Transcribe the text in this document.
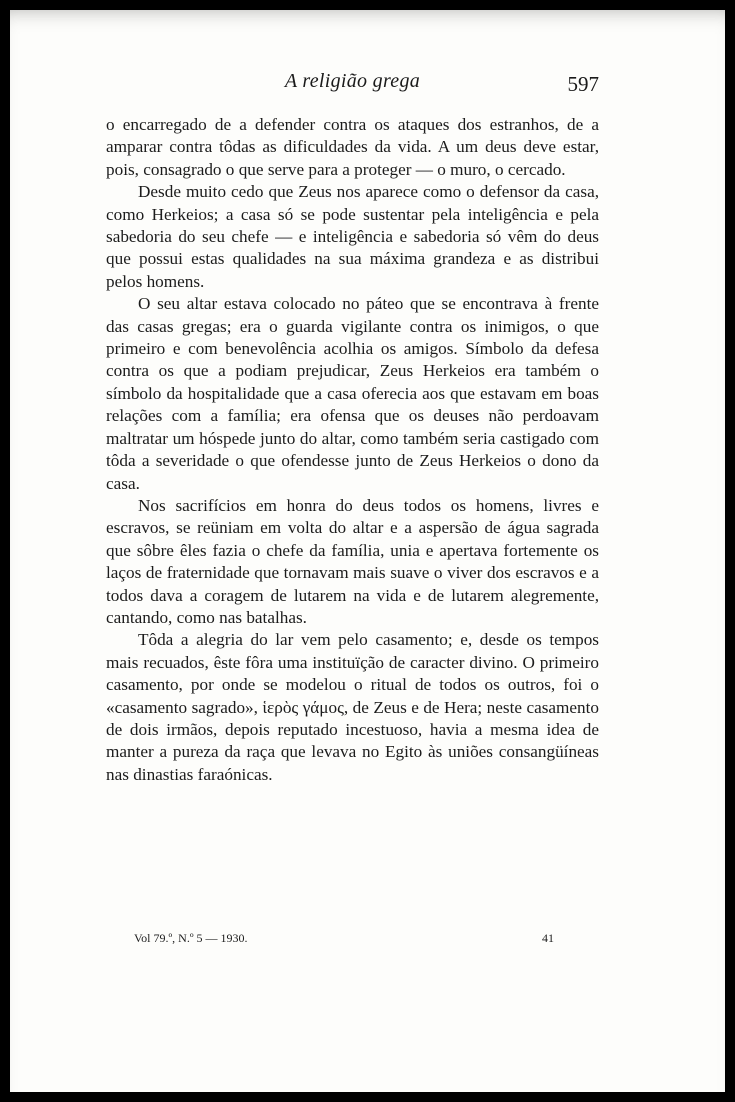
A religião grega	597

o encarregado de a defender contra os ataques dos estranhos, de a amparar contra tôdas as dificuldades da vida. A um deus deve estar, pois, consagrado o que serve para a proteger — o muro, o cercado.

Desde muito cedo que Zeus nos aparece como o defensor da casa, como Herkeios; a casa só se pode sustentar pela inteligência e pela sabedoria do seu chefe — e inteligência e sabedoria só vêm do deus que possui estas qualidades na sua máxima grandeza e as distribui pelos homens.

O seu altar estava colocado no páteo que se encontrava à frente das casas gregas; era o guarda vigilante contra os inimigos, o que primeiro e com benevolência acolhia os amigos. Símbolo da defesa contra os que a podiam prejudicar, Zeus Herkeios era também o símbolo da hospitalidade que a casa oferecia aos que estavam em boas relações com a família; era ofensa que os deuses não perdoavam maltratar um hóspede junto do altar, como também seria castigado com tôda a severidade o que ofendesse junto de Zeus Herkeios o dono da casa.

Nos sacrifícios em honra do deus todos os homens, livres e escravos, se reüniam em volta do altar e a aspersão de água sagrada que sôbre êles fazia o chefe da família, unia e apertava fortemente os laços de fraternidade que tornavam mais suave o viver dos escravos e a todos dava a coragem de lutarem na vida e de lutarem alegremente, cantando, como nas batalhas.

Tôda a alegria do lar vem pelo casamento; e, desde os tempos mais recuados, êste fôra uma instituïção de caracter divino. O primeiro casamento, por onde se modelou o ritual de todos os outros, foi o «casamento sagrado», ἱερὸς γάμος, de Zeus e de Hera; neste casamento de dois irmãos, depois reputado incestuoso, havia a mesma idea de manter a pureza da raça que levava no Egito às uniões consangüíneas nas dinastias faraónicas.

Vol 79.º, N.º 5 — 1930.	41
